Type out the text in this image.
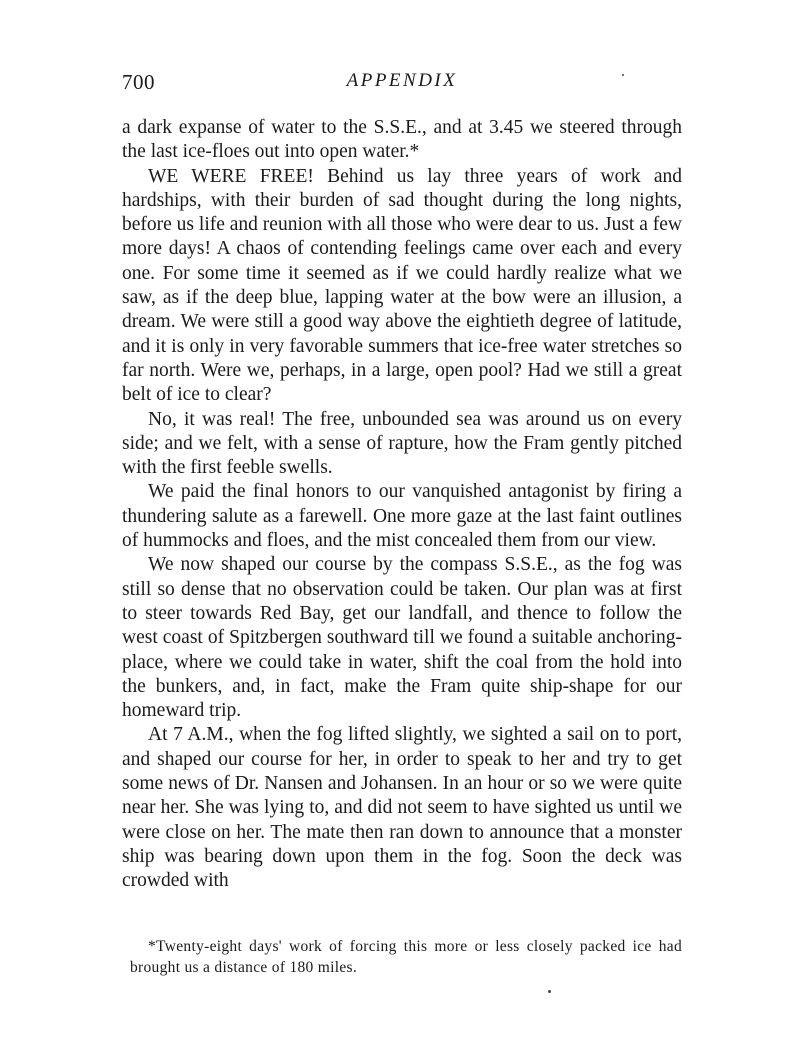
700	APPENDIX

a dark expanse of water to the S.S.E., and at 3.45 we steered through the last ice-floes out into open water.*

WE WERE FREE! Behind us lay three years of work and hardships, with their burden of sad thought during the long nights, before us life and reunion with all those who were dear to us. Just a few more days! A chaos of contending feelings came over each and every one. For some time it seemed as if we could hardly realize what we saw, as if the deep blue, lapping water at the bow were an illusion, a dream. We were still a good way above the eightieth degree of latitude, and it is only in very favorable summers that ice-free water stretches so far north. Were we, perhaps, in a large, open pool? Had we still a great belt of ice to clear?

No, it was real! The free, unbounded sea was around us on every side; and we felt, with a sense of rapture, how the Fram gently pitched with the first feeble swells.

We paid the final honors to our vanquished antagonist by firing a thundering salute as a farewell. One more gaze at the last faint outlines of hummocks and floes, and the mist concealed them from our view.

We now shaped our course by the compass S.S.E., as the fog was still so dense that no observation could be taken. Our plan was at first to steer towards Red Bay, get our landfall, and thence to follow the west coast of Spitzbergen southward till we found a suitable anchoring-place, where we could take in water, shift the coal from the hold into the bunkers, and, in fact, make the Fram quite ship-shape for our homeward trip.

At 7 A.M., when the fog lifted slightly, we sighted a sail on to port, and shaped our course for her, in order to speak to her and try to get some news of Dr. Nansen and Johansen. In an hour or so we were quite near her. She was lying to, and did not seem to have sighted us until we were close on her. The mate then ran down to announce that a monster ship was bearing down upon them in the fog. Soon the deck was crowded with

*Twenty-eight days' work of forcing this more or less closely packed ice had brought us a distance of 180 miles.
